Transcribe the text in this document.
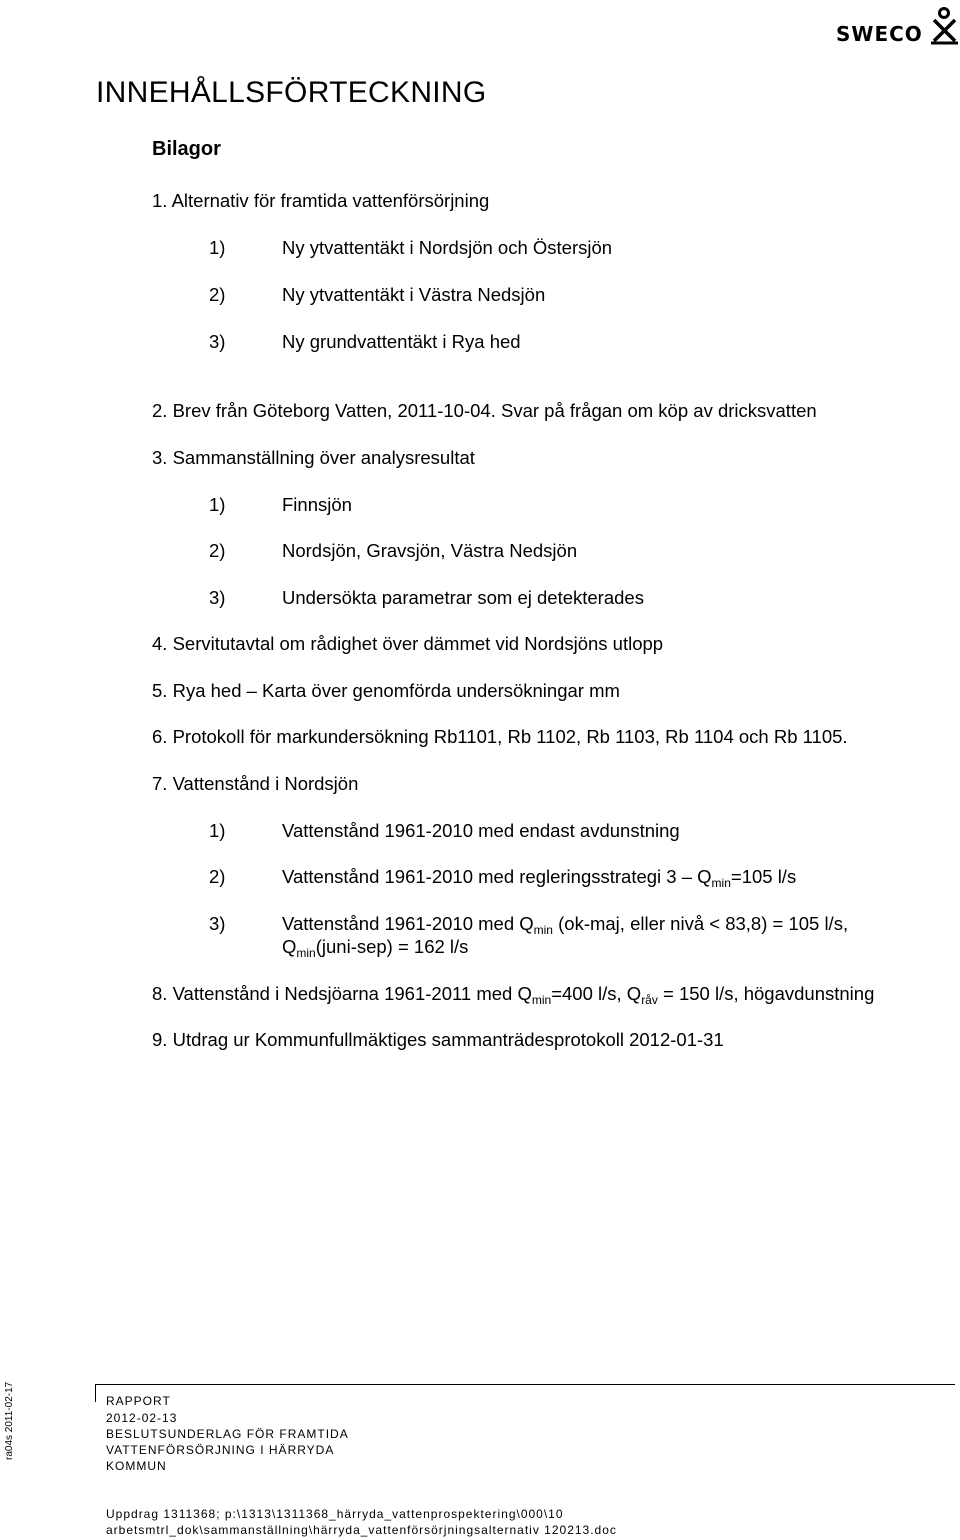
SWECO
INNEHÅLLSFÖRTECKNING
Bilagor
1. Alternativ för framtida vattenförsörjning
1)	Ny ytvattentäkt i Nordsjön och Östersjön
2)	Ny ytvattentäkt i Västra Nedsjön
3)	Ny grundvattentäkt i Rya hed
2. Brev från Göteborg Vatten, 2011-10-04. Svar på frågan om köp av dricksvatten
3. Sammanställning över analysresultat
1)	Finnsjön
2)	Nordsjön, Gravsjön, Västra Nedsjön
3)	Undersökta parametrar som ej detekterades
4. Servitutavtal om rådighet över dämmet vid Nordsjöns utlopp
5. Rya hed – Karta över genomförda undersökningar mm
6. Protokoll för markundersökning Rb1101, Rb 1102, Rb 1103, Rb 1104 och Rb 1105.
7. Vattenstånd i Nordsjön
1)	Vattenstånd 1961-2010 med endast avdunstning
2)	Vattenstånd 1961-2010 med regleringsstrategi $3 - Q_{min}=105$ l/s
3)	Vattenstånd 1961-2010 med $Q_{min}$ (ok-maj, eller nivå < 83,8) = 105 l/s,
$Q_{min}(juni-sep) = 162$ l/s
8. Vattenstånd i Nedsjöarna 1961-2011 med $Q_{min}=400$ l/s, $Q_{råv} = 150$ l/s, högavdunstning
9. Utdrag ur Kommunfullmäktiges sammanträdesprotokoll 2012-01-31
ra04s 2011-02-17	RAPPORT
2012-02-13
BESLUTSUNDERLAG FÖR FRAMTIDA
VATTENFÖRSÖRJNING I HÄRRYDA
KOMMUN
Uppdrag 1311368; p:\1313\1311368_härryda_vattenprospektering\000\10
arbetsmtrl_dok\sammanställning\härryda_vattenförsörjningsalternativ 120213.doc
